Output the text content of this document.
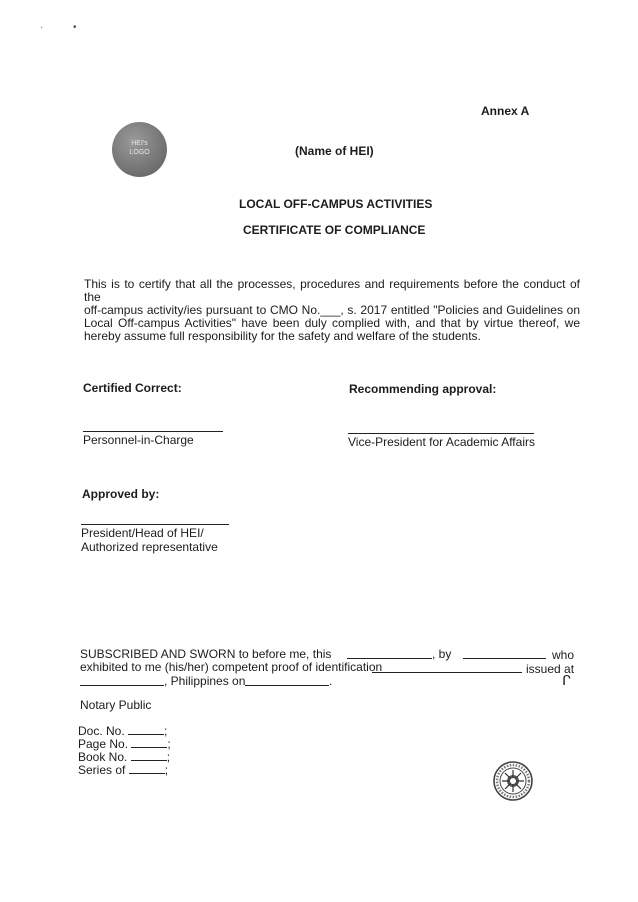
·	•
Annex A
HEI's
LOGO	(Name of HEI)
LOCAL OFF-CAMPUS ACTIVITIES
CERTIFICATE OF COMPLIANCE
This is to certify that all the processes, procedures and requirements before the conduct of the
off-campus activity/ies pursuant to CMO No.___, s. 2017 entitled "Policies and Guidelines on
Local Off-campus Activities" have been duly complied with, and that by virtue thereof, we
hereby assume full responsibility for the safety and welfare of the students.
Certified Correct:	Recommending approval:
Personnel-in-Charge	Vice-President for Academic Affairs
Approved by:
President/Head of HEI/
Authorized representative
SUBSCRIBED AND SWORN to before me, this	, by	who
exhibited to me (his/her) competent proof of identification	issued at
, Philippines on	.	ᒋ
Notary Public
Doc. No.	;
Page No.	;
Book No.	;
Series of	;
